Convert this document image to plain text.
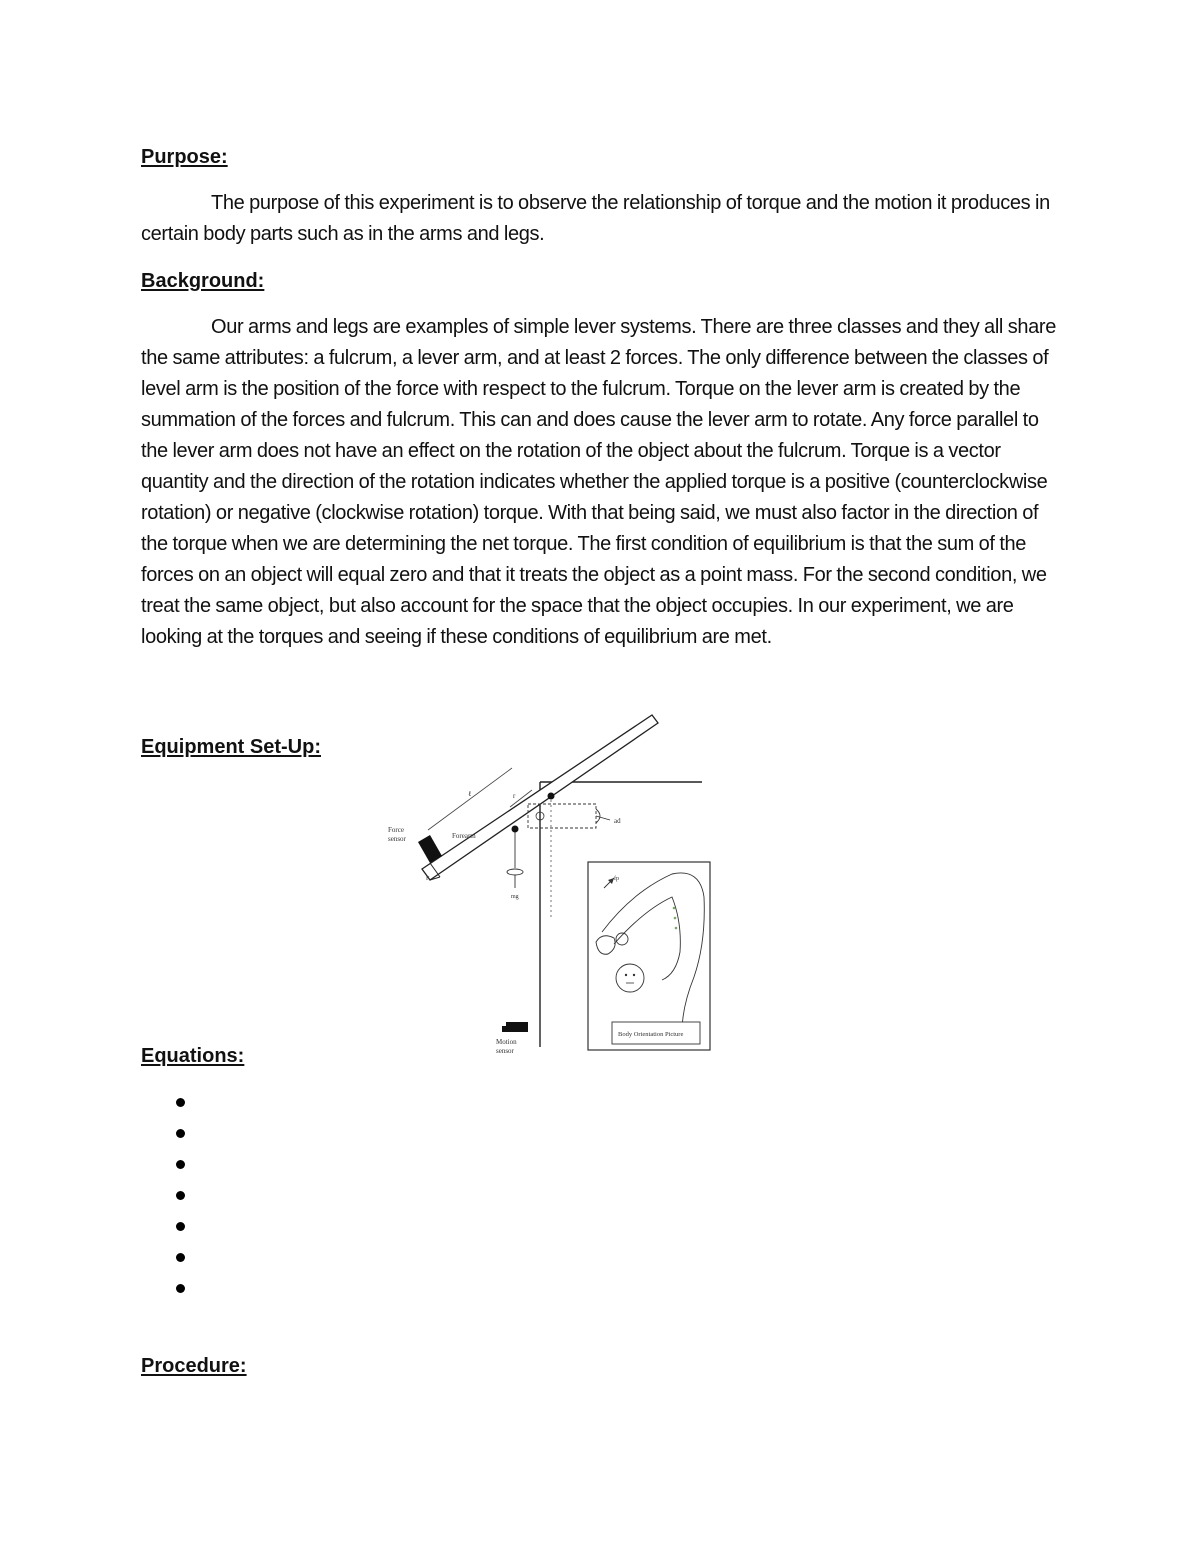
Purpose:

The purpose of this experiment is to observe the relationship of torque and the motion it produces in certain body parts such as in the arms and legs.

Background:

Our arms and legs are examples of simple lever systems. There are three classes and they all share the same attributes: a fulcrum, a lever arm, and at least 2 forces. The only difference between the classes of level arm is the position of the force with respect to the fulcrum. Torque on the lever arm is created by the summation of the forces and fulcrum. This can and does cause the lever arm to rotate. Any force parallel to the lever arm does not have an effect on the rotation of the object about the fulcrum. Torque is a vector quantity and the direction of the rotation indicates whether the applied torque is a positive (counterclockwise rotation) or negative (clockwise rotation) torque. With that being said, we must also factor in the direction of the torque when we are determining the net torque. The first condition of equilibrium is that the sum of the forces on an object will equal zero and that it treats the object as a point mass. For the second condition, we treat the same object, but also account for the space that the object occupies. In our experiment, we are looking at the torques and seeing if these conditions of equilibrium are met.

Equipment Set-Up:
Force
sensor	Forearm
Motion
sensor
Body Orientation Picture
ad
mg
fp
F
ℓ	r
Equations:
Procedure:
